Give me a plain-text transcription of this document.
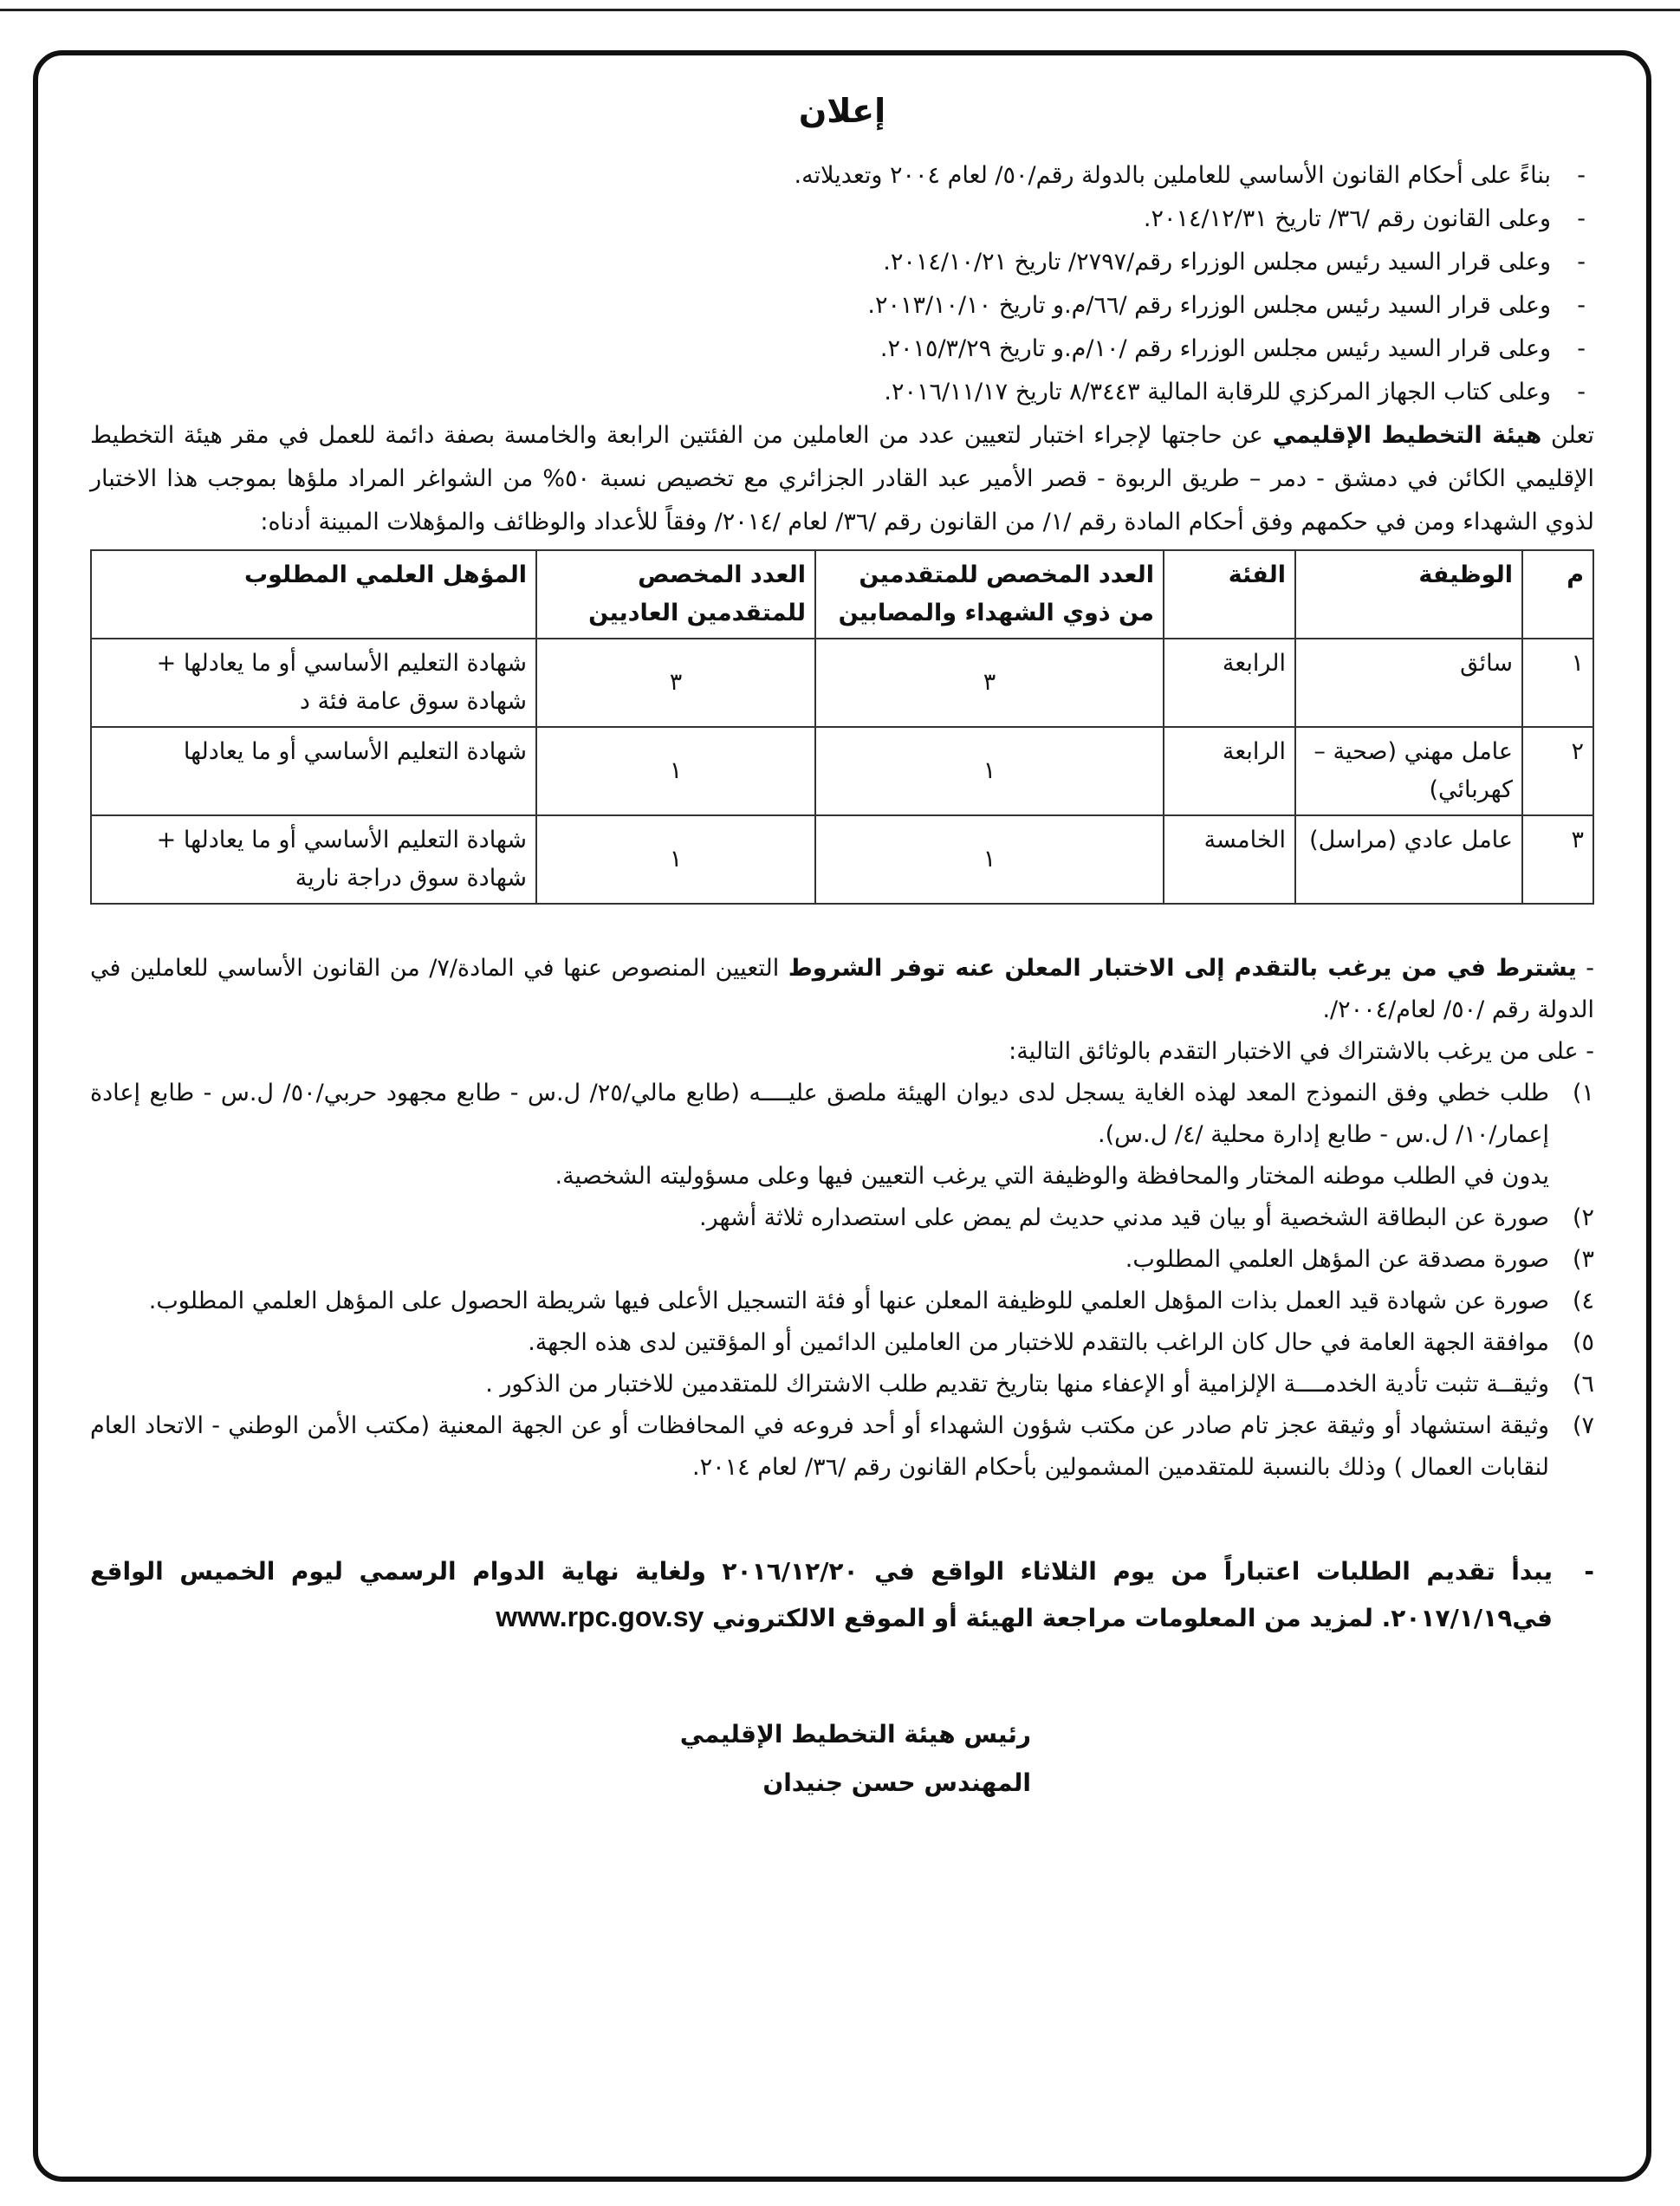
إعلان
- بناءً على أحكام القانون الأساسي للعاملين بالدولة رقم/٥٠/ لعام ٢٠٠٤ وتعديلاته.
- وعلى القانون رقم /٣٦/ تاريخ ٢٠١٤/١٢/٣١.
- وعلى قرار السيد رئيس مجلس الوزراء رقم/٢٧٩٧/ تاريخ ٢٠١٤/١٠/٢١.
- وعلى قرار السيد رئيس مجلس الوزراء رقم /٦٦/م.و تاريخ ٢٠١٣/١٠/١٠.
- وعلى قرار السيد رئيس مجلس الوزراء رقم /١٠/م.و تاريخ ٢٠١٥/٣/٢٩.
- وعلى كتاب الجهاز المركزي للرقابة المالية ٨/٣٤٤٣ تاريخ ٢٠١٦/١١/١٧.

تعلن هيئة التخطيط الإقليمي عن حاجتها لإجراء اختبار لتعيين عدد من العاملين من الفئتين الرابعة والخامسة بصفة دائمة للعمل في مقر هيئة التخطيط الإقليمي الكائن في دمشق - دمر – طريق الربوة - قصر الأمير عبد القادر الجزائري مع تخصيص نسبة ٥٠% من الشواغر المراد ملؤها بموجب هذا الاختبار لذوي الشهداء ومن في حكمهم وفق أحكام المادة رقم /١/ من القانون رقم /٣٦/ لعام /٢٠١٤/ وفقاً للأعداد والوظائف والمؤهلات المبينة أدناه:

م	الوظيفة	الفئة	العدد المخصص للمتقدمين من ذوي الشهداء والمصابين	العدد المخصص للمتقدمين العاديين	المؤهل العلمي المطلوب
١	سائق	الرابعة	٣	٣	شهادة التعليم الأساسي أو ما يعادلها + شهادة سوق عامة فئة د
٢	عامل مهني (صحية – كهربائي)	الرابعة	١	١	شهادة التعليم الأساسي أو ما يعادلها
٣	عامل عادي (مراسل)	الخامسة	١	١	شهادة التعليم الأساسي أو ما يعادلها + شهادة سوق دراجة نارية

- يشترط في من يرغب بالتقدم إلى الاختبار المعلن عنه توفر الشروط التعيين المنصوص عنها في المادة/٧/ من القانون الأساسي للعاملين في الدولة رقم /٥٠/ لعام/٢٠٠٤/.

- على من يرغب بالاشتراك في الاختبار التقدم بالوثائق التالية:

١)
طلب خطي وفق النموذج المعد لهذه الغاية يسجل لدى ديوان الهيئة ملصق عليــــه (طابع مالي/٢٥/ ل.س - طابع مجهود حربي/٥٠/ ل.س - طابع إعادة إعمار/١٠/ ل.س - طابع إدارة محلية /٤/ ل.س).
يدون في الطلب موطنه المختار والمحافظة والوظيفة التي يرغب التعيين فيها وعلى مسؤوليته الشخصية.
٢)
صورة عن البطاقة الشخصية أو بيان قيد مدني حديث لم يمض على استصداره ثلاثة أشهر.
٣)
صورة مصدقة عن المؤهل العلمي المطلوب.
٤)
صورة عن شهادة قيد العمل بذات المؤهل العلمي للوظيفة المعلن عنها أو فئة التسجيل الأعلى فيها شريطة الحصول على المؤهل العلمي المطلوب.
٥)
موافقة الجهة العامة في حال كان الراغب بالتقدم للاختبار من العاملين الدائمين أو المؤقتين لدى هذه الجهة.
٦)
وثيقــة تثبت تأدية الخدمــــة الإلزامية أو الإعفاء منها بتاريخ تقديم طلب الاشتراك للمتقدمين للاختبار من الذكور .
٧)
وثيقة استشهاد أو وثيقة عجز تام صادر عن مكتب شؤون الشهداء أو أحد فروعه في المحافظات أو عن الجهة المعنية (مكتب الأمن الوطني - الاتحاد العام لنقابات العمال ) وذلك بالنسبة للمتقدمين المشمولين بأحكام القانون رقم /٣٦/ لعام ٢٠١٤.
- يبدأ تقديم الطلبات اعتباراً من يوم الثلاثاء الواقع في ٢٠١٦/١٢/٢٠ ولغاية نهاية الدوام الرسمي ليوم الخميس الواقع في٢٠١٧/١/١٩. لمزيد من المعلومات مراجعة الهيئة أو الموقع الالكتروني www.rpc.gov.sy
رئيس هيئة التخطيط الإقليمي
المهندس حسن جنيدان
